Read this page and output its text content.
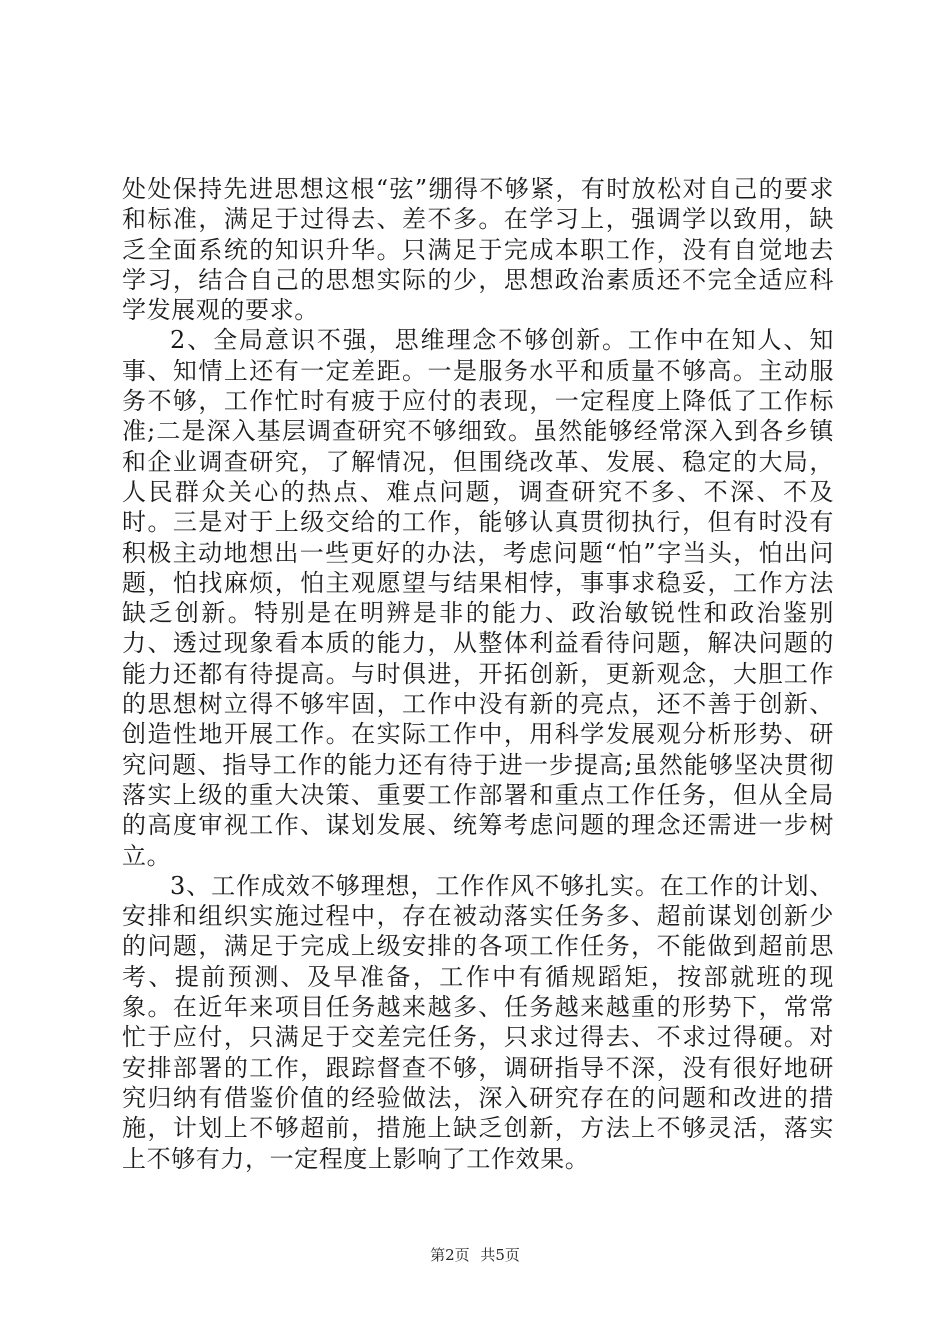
处处保持先进思想这根“弦”绷得不够紧，有时放松对自己的要求和标准，满足于过得去、差不多。在学习上，强调学以致用，缺乏全面系统的知识升华。只满足于完成本职工作，没有自觉地去学习，结合自己的思想实际的少，思想政治素质还不完全适应科学发展观的要求。

2、全局意识不强，思维理念不够创新。工作中在知人、知事、知情上还有一定差距。一是服务水平和质量不够高。主动服务不够，工作忙时有疲于应付的表现，一定程度上降低了工作标准;二是深入基层调查研究不够细致。虽然能够经常深入到各乡镇和企业调查研究，了解情况，但围绕改革、发展、稳定的大局，人民群众关心的热点、难点问题，调查研究不多、不深、不及时。三是对于上级交给的工作，能够认真贯彻执行，但有时没有积极主动地想出一些更好的办法，考虑问题“怕”字当头，怕出问题，怕找麻烦，怕主观愿望与结果相悖，事事求稳妥，工作方法缺乏创新。特别是在明辨是非的能力、政治敏锐性和政治鉴别力、透过现象看本质的能力，从整体利益看待问题，解决问题的能力还都有待提高。与时俱进，开拓创新，更新观念，大胆工作的思想树立得不够牢固，工作中没有新的亮点，还不善于创新、创造性地开展工作。在实际工作中，用科学发展观分析形势、研究问题、指导工作的能力还有待于进一步提高;虽然能够坚决贯彻落实上级的重大决策、重要工作部署和重点工作任务，但从全局的高度审视工作、谋划发展、统筹考虑问题的理念还需进一步树立。

3、工作成效不够理想，工作作风不够扎实。在工作的计划、安排和组织实施过程中，存在被动落实任务多、超前谋划创新少的问题，满足于完成上级安排的各项工作任务，不能做到超前思考、提前预测、及早准备，工作中有循规蹈矩，按部就班的现象。在近年来项目任务越来越多、任务越来越重的形势下，常常忙于应付，只满足于交差完任务，只求过得去、不求过得硬。对安排部署的工作，跟踪督查不够，调研指导不深，没有很好地研究归纳有借鉴价值的经验做法，深入研究存在的问题和改进的措施，计划上不够超前，措施上缺乏创新，方法上不够灵活，落实上不够有力，一定程度上影响了工作效果。

第2页 共5页
